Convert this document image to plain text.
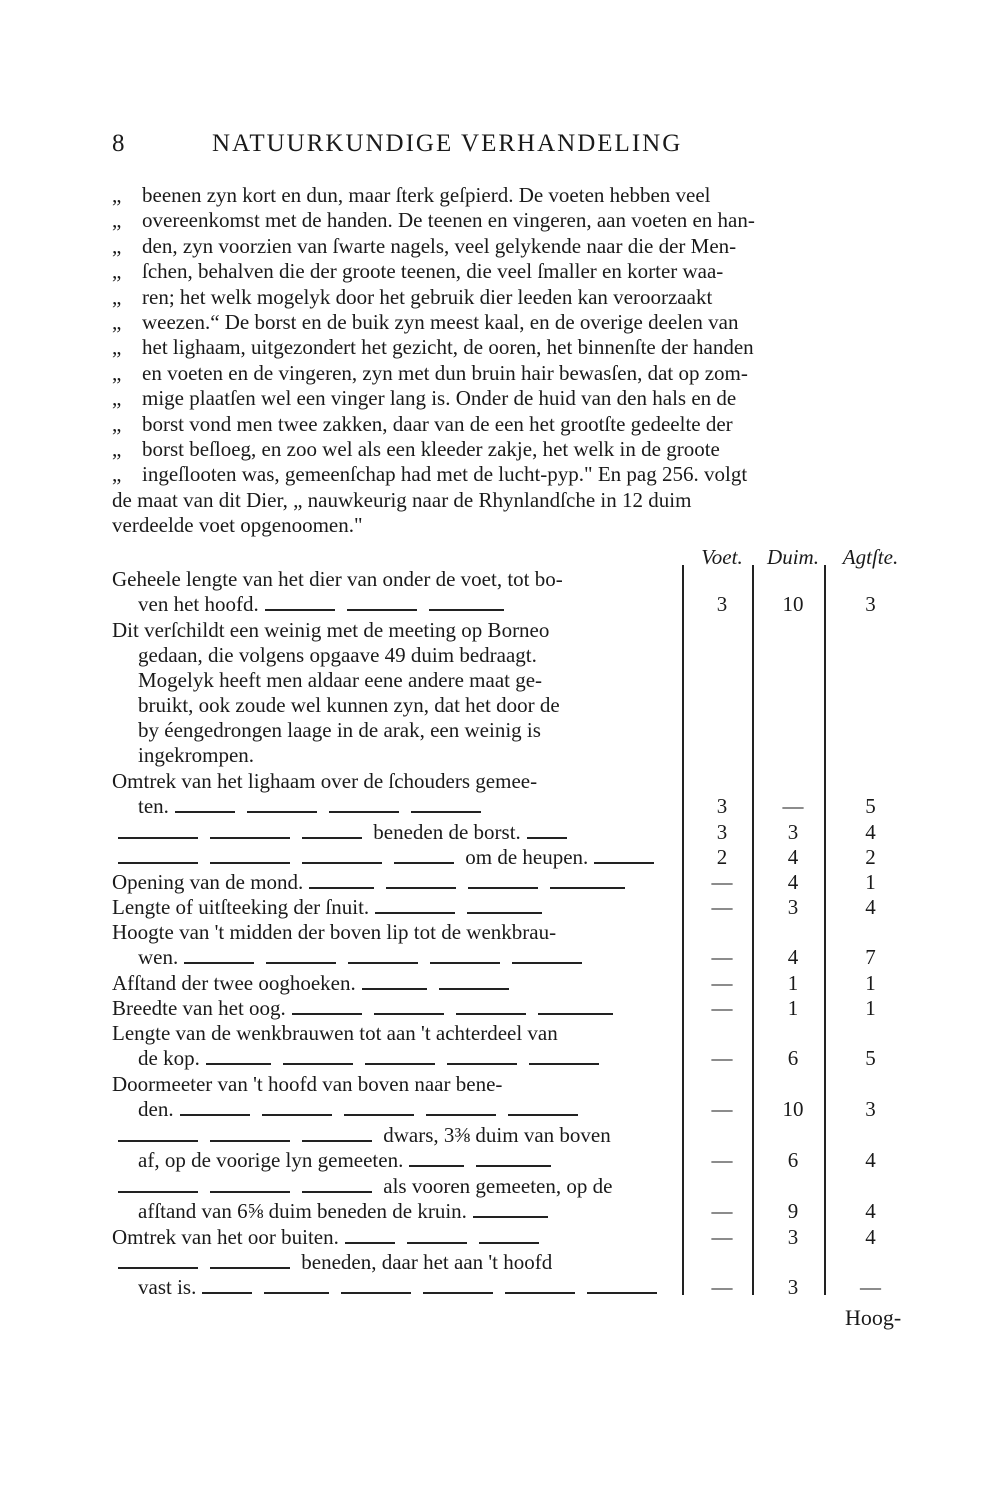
8	NATUURKUNDIGE VERHANDELING
„ beenen zyn kort en dun, maar ſterk geſpierd. De voeten hebben veel
„ overeenkomst met de handen. De teenen en vingeren, aan voeten en han-
„ den, zyn voorzien van ſwarte nagels, veel gelykende naar die der Men-
„ ſchen, behalven die der groote teenen, die veel ſmaller en korter waa-
„ ren; het welk mogelyk door het gebruik dier leeden kan veroorzaakt
„ weezen.“ De borst en de buik zyn meest kaal, en de overige deelen van
„ het lighaam, uitgezondert het gezicht, de ooren, het binnenſte der handen
„ en voeten en de vingeren, zyn met dun bruin hair bewasſen, dat op zom-
„ mige plaatſen wel een vinger lang is. Onder de huid van den hals en de
„ borst vond men twee zakken, daar van de een het grootſte gedeelte der
„ borst beſloeg, en zoo wel als een kleeder zakje, het welk in de groote
„ ingeſlooten was, gemeenſchap had met de lucht-pyp." En pag 256. volgt
de maat van dit Dier, „ nauwkeurig naar de Rhynlandſche in 12 duim
verdeelde voet opgenoomen."
Voet.	Duim.	Agtſte.
Geheele lengte van het dier van onder de voet, tot bo-
ven het hoofd.	3	10	3
Dit verſchildt een weinig met de meeting op Borneo
gedaan, die volgens opgaave 49 duim bedraagt.
Mogelyk heeft men aldaar eene andere maat ge-
bruikt, ook zoude wel kunnen zyn, dat het door de
by éengedrongen laage in de arak, een weinig is
ingekrompen.
Omtrek van het lighaam over de ſchouders gemee-
ten.	3	—	5
beneden de borst.	3	3	4
om de heupen.	2	4	2
Opening van de mond.	—	4	1
Lengte of uitſteeking der ſnuit.	—	3	4
Hoogte van 't midden der boven lip tot de wenkbrau-
wen.	—	4	7
Afſtand der twee ooghoeken.	—	1	1
Breedte van het oog.	—	1	1
Lengte van de wenkbrauwen tot aan 't achterdeel van
de kop.	—	6	5
Doormeeter van 't hoofd van boven naar bene-
den.	—	10	3
dwars, 3⅜ duim van boven
af, op de voorige lyn gemeeten.	—	6	4
als vooren gemeeten, op de
afſtand van 6⅝ duim beneden de kruin.	—	9	4
Omtrek van het oor buiten.	—	3	4
beneden, daar het aan 't hoofd
vast is.	—	3	—
Hoog-
